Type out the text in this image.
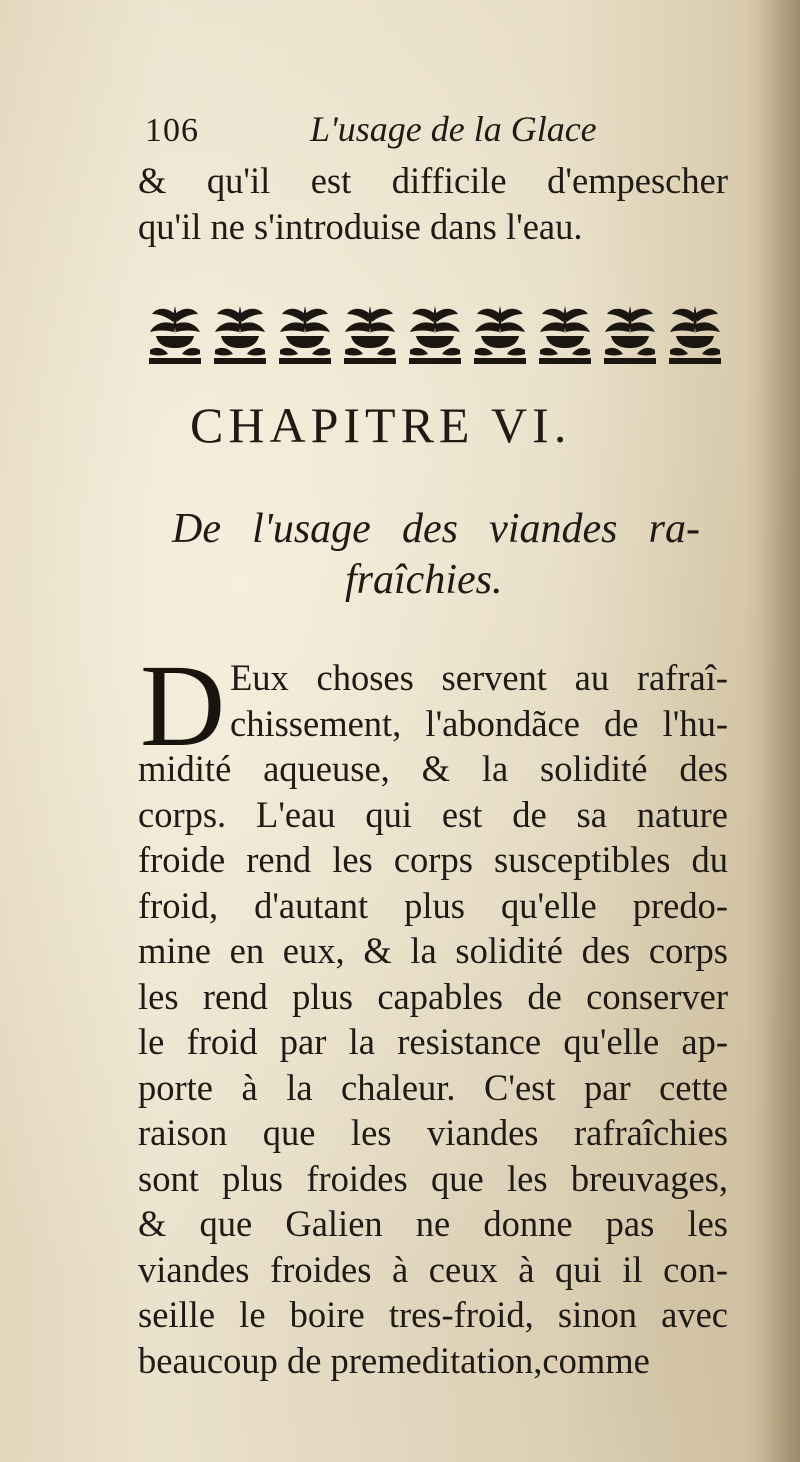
106	L'usage de la Glace
& qu'il est difficile d'empescher
qu'il ne s'introduise dans l'eau.
CHAPITRE VI.
De l'usage des viandes ra-
fraîchies.
D Eux choses servent au rafraî-
chissement, l'abondãce de l'hu-
midité aqueuse, & la solidité des
corps. L'eau qui est de sa nature
froide rend les corps susceptibles du
froid, d'autant plus qu'elle predo-
mine en eux, & la solidité des corps
les rend plus capables de conserver
le froid par la resistance qu'elle ap-
porte à la chaleur. C'est par cette
raison que les viandes rafraîchies
sont plus froides que les breuvages,
& que Galien ne donne pas les
viandes froides à ceux à qui il con-
seille le boire tres-froid, sinon avec
beaucoup de premeditation,comme
